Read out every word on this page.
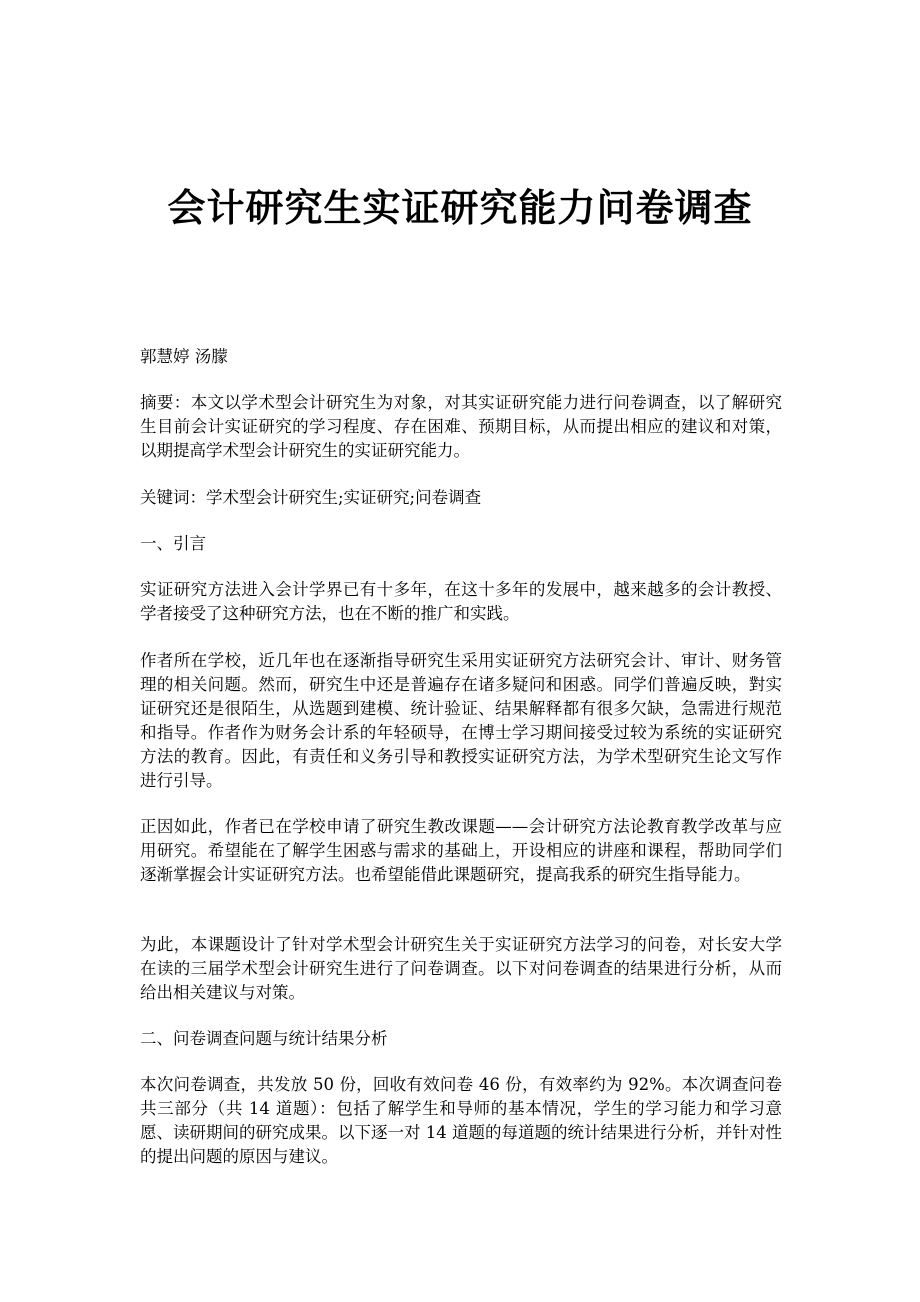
会计研究生实证研究能力问卷调查

郭慧婷 汤朦

摘要：本文以学术型会计研究生为对象，对其实证研究能力进行问卷调查，以了解研究生目前会计实证研究的学习程度、存在困难、预期目标，从而提出相应的建议和对策，以期提高学术型会计研究生的实证研究能力。

关键词：学术型会计研究生;实证研究;问卷调查

一、引言

实证研究方法进入会计学界已有十多年，在这十多年的发展中，越来越多的会计教授、学者接受了这种研究方法，也在不断的推广和实践。

作者所在学校，近几年也在逐渐指导研究生采用实证研究方法研究会计、审计、财务管理的相关问题。然而，研究生中还是普遍存在诸多疑问和困惑。同学们普遍反映，對实证研究还是很陌生，从选题到建模、统计验证、结果解释都有很多欠缺，急需进行规范和指导。作者作为财务会计系的年轻硕导，在博士学习期间接受过较为系统的实证研究方法的教育。因此，有责任和义务引导和教授实证研究方法，为学术型研究生论文写作进行引导。

正因如此，作者已在学校申请了研究生教改课题——会计研究方法论教育教学改革与应用研究。希望能在了解学生困惑与需求的基础上，开设相应的讲座和课程，帮助同学们逐渐掌握会计实证研究方法。也希望能借此课题研究，提高我系的研究生指导能力。

为此，本课题设计了针对学术型会计研究生关于实证研究方法学习的问卷，对长安大学在读的三届学术型会计研究生进行了问卷调查。以下对问卷调查的结果进行分析，从而给出相关建议与对策。

二、问卷调查问题与统计结果分析

本次问卷调查，共发放 50 份，回收有效问卷 46 份，有效率约为 92%。本次调查问卷共三部分（共 14 道题）：包括了解学生和导师的基本情况，学生的学习能力和学习意愿、读研期间的研究成果。以下逐一对 14 道题的每道题的统计结果进行分析，并针对性的提出问题的原因与建议。
